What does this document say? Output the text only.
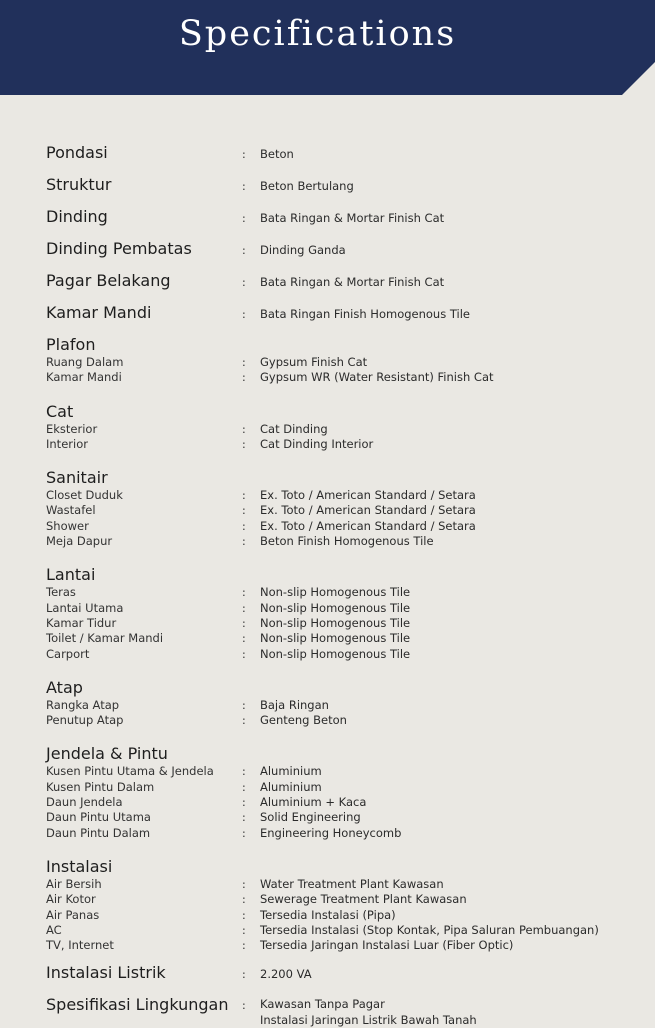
Specifications
Pondasi	:	Beton
Struktur	:	Beton Bertulang
Dinding	:	Bata Ringan & Mortar Finish Cat
Dinding Pembatas	:	Dinding Ganda
Pagar Belakang	:	Bata Ringan & Mortar Finish Cat
Kamar Mandi	:	Bata Ringan Finish Homogenous Tile
Plafon
Ruang Dalam	:	Gypsum Finish Cat
Kamar Mandi	:	Gypsum WR (Water Resistant) Finish Cat
Cat
Eksterior	:	Cat Dinding
Interior	:	Cat Dinding Interior
Sanitair
Closet Duduk	:	Ex. Toto / American Standard / Setara
Wastafel	:	Ex. Toto / American Standard / Setara
Shower	:	Ex. Toto / American Standard / Setara
Meja Dapur	:	Beton Finish Homogenous Tile
Lantai
Teras	:	Non-slip Homogenous Tile
Lantai Utama	:	Non-slip Homogenous Tile
Kamar Tidur	:	Non-slip Homogenous Tile
Toilet / Kamar Mandi	:	Non-slip Homogenous Tile
Carport	:	Non-slip Homogenous Tile
Atap
Rangka Atap	:	Baja Ringan
Penutup Atap	:	Genteng Beton
Jendela & Pintu
Kusen Pintu Utama & Jendela	:	Aluminium
Kusen Pintu Dalam	:	Aluminium
Daun Jendela	:	Aluminium + Kaca
Daun Pintu Utama	:	Solid Engineering
Daun Pintu Dalam	:	Engineering Honeycomb
Instalasi
Air Bersih	:	Water Treatment Plant Kawasan
Air Kotor	:	Sewerage Treatment Plant Kawasan
Air Panas	:	Tersedia Instalasi (Pipa)
AC	:	Tersedia Instalasi (Stop Kontak, Pipa Saluran Pembuangan)
TV, Internet	:	Tersedia Jaringan Instalasi Luar (Fiber Optic)
Instalasi Listrik	:	2.200 VA
Spesifikasi Lingkungan	:	Kawasan Tanpa Pagar
Instalasi Jaringan Listrik Bawah Tanah
